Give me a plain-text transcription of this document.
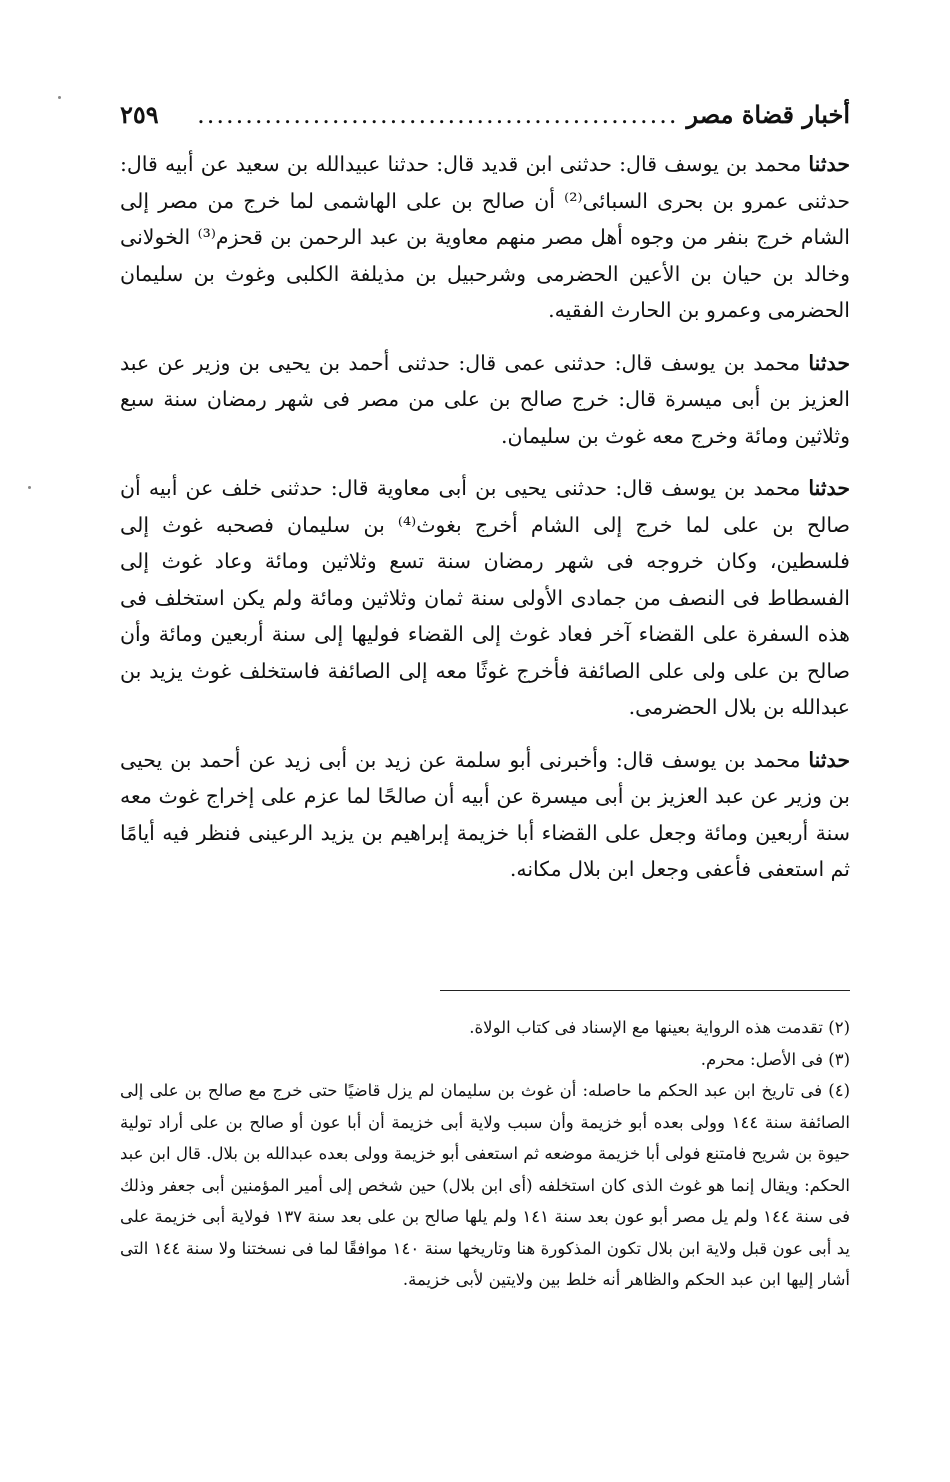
أخبار قضاة مصر
..................................................
٢٥٩

حدثنا محمد بن يوسف قال: حدثنى ابن قديد قال: حدثنا عبيدالله بن سعيد عن أبيه قال: حدثنى عمرو بن بحرى السبائى⁽²⁾ أن صالح بن على الهاشمى لما خرج من مصر إلى الشام خرج بنفر من وجوه أهل مصر منهم معاوية بن عبد الرحمن بن قحزم⁽³⁾ الخولانى وخالد بن حيان بن الأعين الحضرمى وشرحبيل بن مذيلفة الكلبى وغوث بن سليمان الحضرمى وعمرو بن الحارث الفقيه.

حدثنا محمد بن يوسف قال: حدثنى عمى قال: حدثنى أحمد بن يحيى بن وزير عن عبد العزيز بن أبى ميسرة قال: خرج صالح بن على من مصر فى شهر رمضان سنة سبع وثلاثين ومائة وخرج معه غوث بن سليمان.

حدثنا محمد بن يوسف قال: حدثنى يحيى بن أبى معاوية قال: حدثنى خلف عن أبيه أن صالح بن على لما خرج إلى الشام أخرج بغوث⁽⁴⁾ بن سليمان فصحبه غوث إلى فلسطين، وكان خروجه فى شهر رمضان سنة تسع وثلاثين ومائة وعاد غوث إلى الفسطاط فى النصف من جمادى الأولى سنة ثمان وثلاثين ومائة ولم يكن استخلف فى هذه السفرة على القضاء آخر فعاد غوث إلى القضاء فوليها إلى سنة أربعين ومائة وأن صالح بن على ولى على الصائفة فأخرج غوثًا معه إلى الصائفة فاستخلف غوث يزيد بن عبدالله بن بلال الحضرمى.

حدثنا محمد بن يوسف قال: وأخبرنى أبو سلمة عن زيد بن أبى زيد عن أحمد بن يحيى بن وزير عن عبد العزيز بن أبى ميسرة عن أبيه أن صالحًا لما عزم على إخراج غوث معه سنة أربعين ومائة وجعل على القضاء أبا خزيمة إبراهيم بن يزيد الرعينى فنظر فيه أيامًا ثم استعفى فأعفى وجعل ابن بلال مكانه.

(٢) تقدمت هذه الرواية بعينها مع الإسناد فى كتاب الولاة.

(٣) فى الأصل: محرم.

(٤) فى تاريخ ابن عبد الحكم ما حاصله: أن غوث بن سليمان لم يزل قاضيًا حتى خرج مع صالح بن على إلى الصائفة سنة ١٤٤ وولى بعده أبو خزيمة وأن سبب ولاية أبى خزيمة أن أبا عون أو صالح بن على أراد تولية حيوة بن شريح فامتنع فولى أبا خزيمة موضعه ثم استعفى أبو خزيمة وولى بعده عبدالله بن بلال. قال ابن عبد الحكم: ويقال إنما هو غوث الذى كان استخلفه (أى ابن بلال) حين شخص إلى أمير المؤمنين أبى جعفر وذلك فى سنة ١٤٤ ولم يل مصر أبو عون بعد سنة ١٤١ ولم يلها صالح بن على بعد سنة ١٣٧ فولاية أبى خزيمة على يد أبى عون قبل ولاية ابن بلال تكون المذكورة هنا وتاريخها سنة ١٤٠ موافقًا لما فى نسختنا ولا سنة ١٤٤ التى أشار إليها ابن عبد الحكم والظاهر أنه خلط بين ولايتين لأبى خزيمة.
